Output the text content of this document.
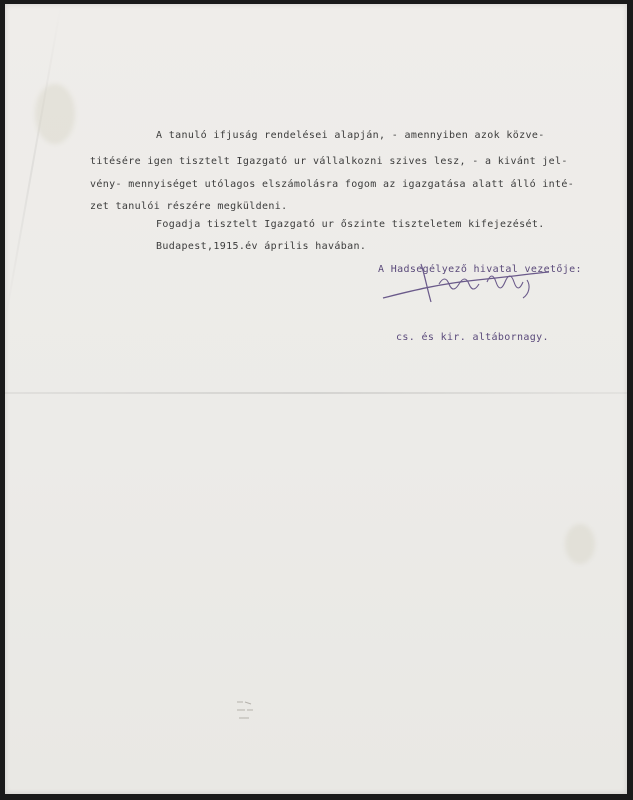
A tanuló ifjuság rendelései alapján, - amennyiben azok közve-

titésére igen tisztelt Igazgató ur vállalkozni szives lesz, - a kivánt jel-

vény- mennyiséget utólagos elszámolásra fogom az igazgatása alatt álló inté-

zet tanulói részére megküldeni.

Fogadja tisztelt Igazgató ur őszinte tiszteletem kifejezését.

Budapest,1915.év április havában.

A Hadsegélyező hivatal vezetője:

Kirchner Nagy

cs. és kir. altábornagy.
